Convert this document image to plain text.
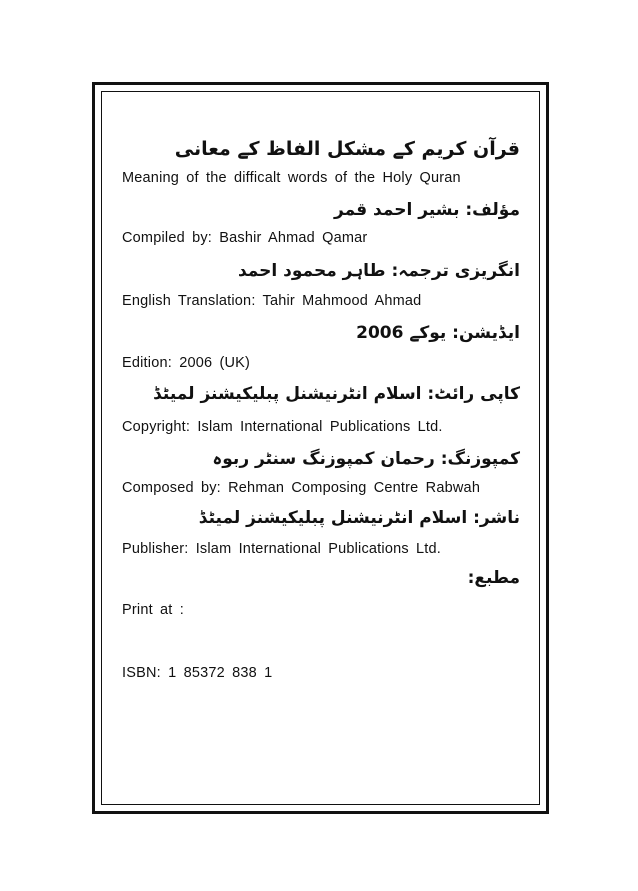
قرآن کریم کے مشکل الفاظ کے معانی
Meaning of the difficalt words of the Holy Quran
مؤلف: بشیر احمد قمر
Compiled by: Bashir Ahmad Qamar
انگریزی ترجمہ: طاہر محمود احمد
English Translation: Tahir Mahmood Ahmad
ایڈیشن: یوکے 2006
Edition: 2006 (UK)
کاپی رائٹ: اسلام انٹرنیشنل پبلیکیشنز لمیٹڈ
Copyright: Islam International Publications Ltd.
کمپوزنگ: رحمان کمپوزنگ سنٹر ربوہ
Composed by: Rehman Composing Centre Rabwah
ناشر: اسلام انٹرنیشنل پبلیکیشنز لمیٹڈ
Publisher: Islam International Publications Ltd.
مطبع:
Print at :
ISBN: 1 85372 838 1
